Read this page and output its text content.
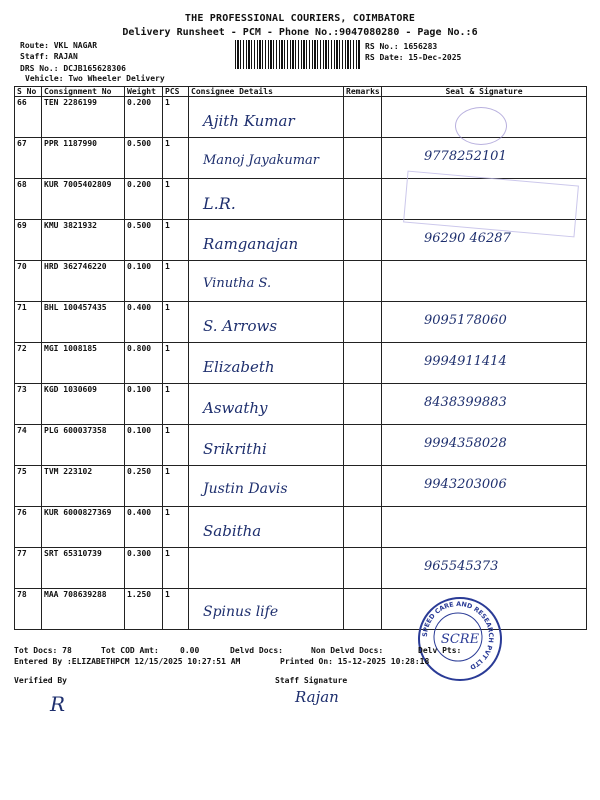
THE PROFESSIONAL COURIERS, COIMBATORE
Delivery Runsheet - PCM - Phone No.:9047080280 - Page No.:6
Route: VKL NAGAR
Staff: RAJAN
DRS No.: DCJB165628306
Vehicle: Two Wheeler Delivery
RS No.: 1656283
RS Date: 15-Dec-2025
S No	Consignment No	Weight	PCS	Consignee Details	Remarks	Seal & Signature
66	TEN 2286199	0.200	1	Ajith Kumar		

67	PPR 1187990	0.500	1	Manoj Jayakumar		9778252101

68	KUR 7005402809	0.200	1	L.R.		

69	KMU 3821932	0.500	1	Ramganajan		96290 46287

70	HRD 362746220	0.100	1	Vinutha S.		

71	BHL 100457435	0.400	1	S. Arrows		9095178060

72	MGI 1008185	0.800	1	Elizabeth		9994911414

73	KGD 1030609	0.100	1	Aswathy		8438399883

74	PLG 600037358	0.100	1	Srikrithi		9994358028

75	TVM 223102	0.250	1	Justin Davis		9943203006

76	KUR 6000827369	0.400	1	Sabitha		

77	SRT 65310739	0.300	1			965545373

78	MAA 708639288	1.250	1	Spinus life		

SPEED CARE AND RESEARCH PVT LTD
SCRE
Tot Docs: 78	Tot COD Amt:	0.00	Delvd Docs:	Non Delvd Docs:	Delv Pts:
Entered By :ELIZABETHPCM 12/15/2025 10:27:51 AM	Printed On: 15-12-2025 10:28:18
Verified By	Staff Signature
R	Rajan
